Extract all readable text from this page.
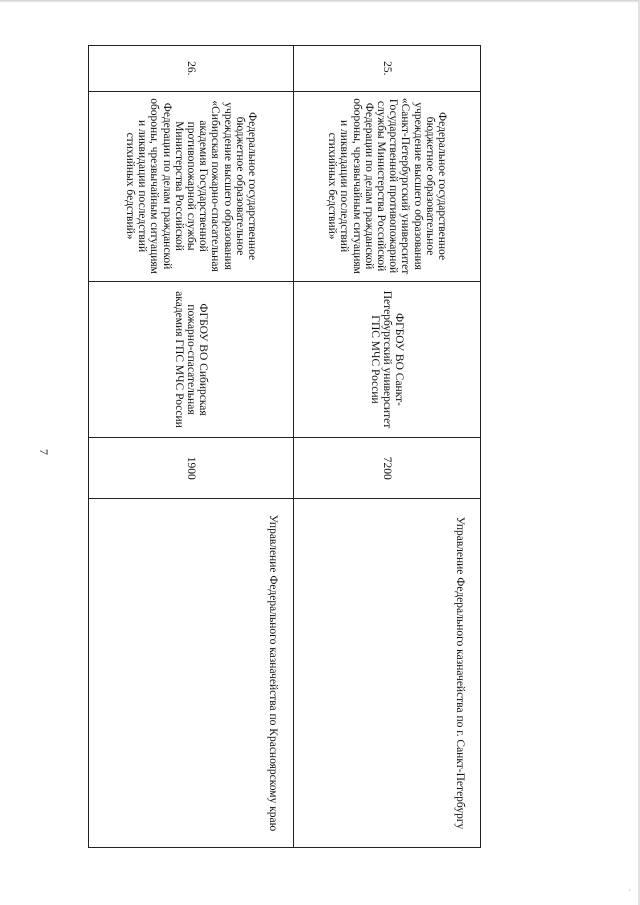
7
25.	Федеральное государственное бюджетное образовательное учреждение высшего образования «Санкт-Петербургский университет Государственной противопожарной службы Министерства Российской Федерации по делам гражданской обороны, чрезвычайным ситуациям и ликвидации последствий стихийных бедствий»	ФГБОУ ВО Санкт-Петербургский университет ГПС МЧС России	7200	Управление Федерального казначейства по г. Санкт-Петербургу
26.	Федеральное государственное бюджетное образовательное учреждение высшего образования «Сибирская пожарно-спасательная академия Государственной противопожарной службы Министерства Российской Федерации по делам гражданской обороны, чрезвычайным ситуациям и ликвидации последствий стихийных бедствий»	ФГБОУ ВО Сибирская пожарно-спасательная академия ГПС МЧС России	1900	Управление Федерального казначейства по Красноярскому краю
·
